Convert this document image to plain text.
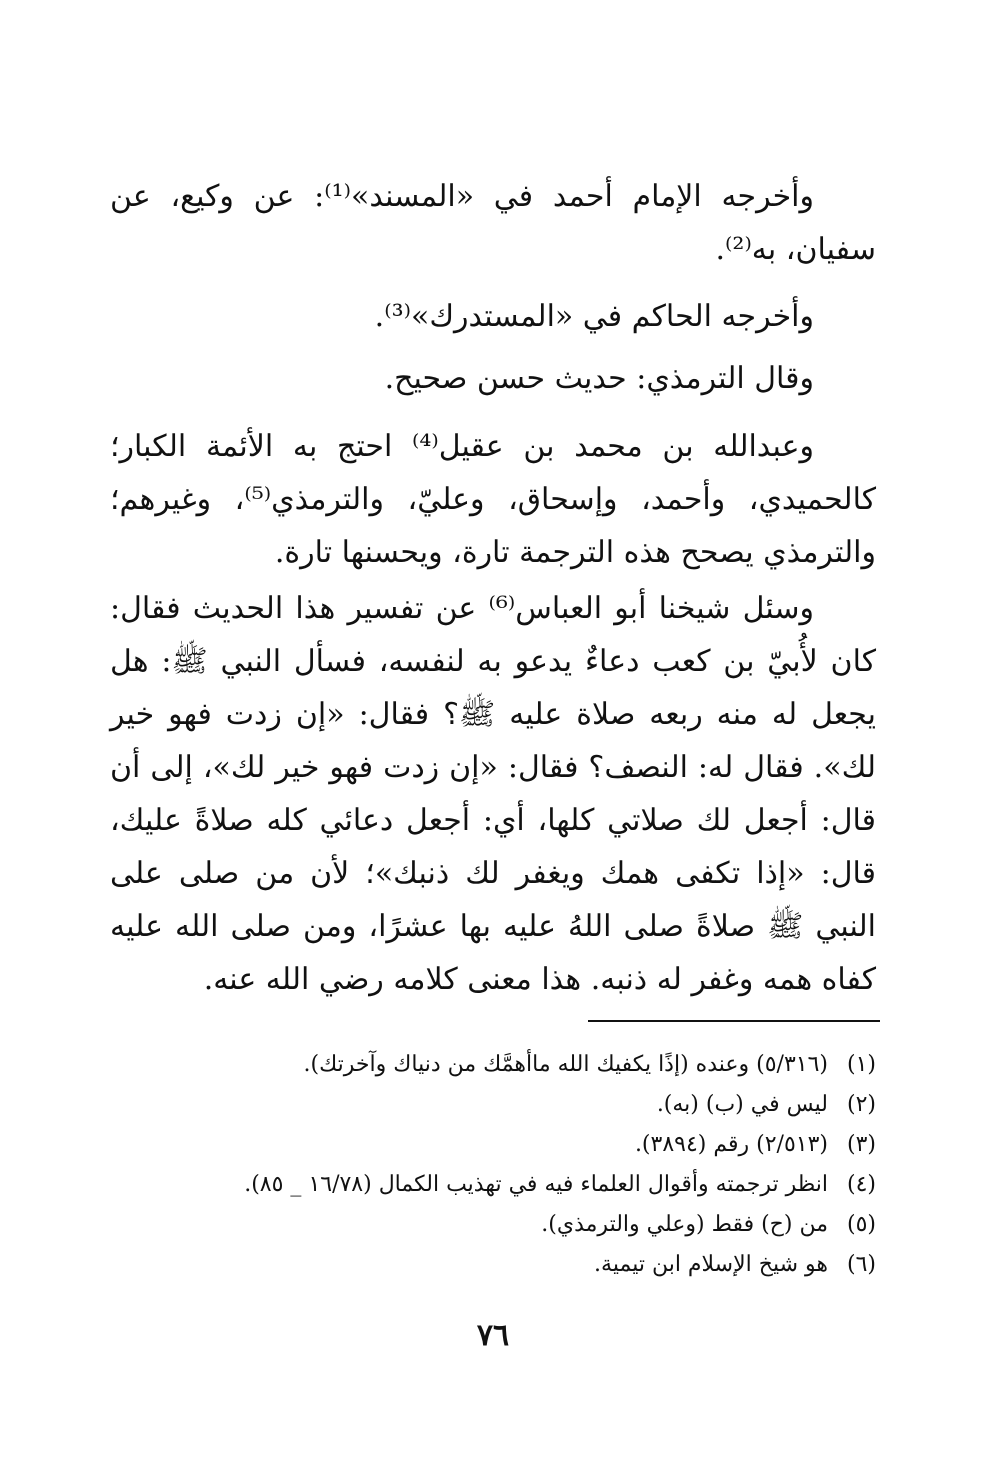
وأخرجه الإمام أحمد في «المسند»⁽¹⁾: عن وكيع، عن سفيان، به⁽²⁾.

وأخرجه الحاكم في «المستدرك»⁽³⁾.

وقال الترمذي: حديث حسن صحيح.

وعبدالله بن محمد بن عقيل⁽⁴⁾ احتج به الأئمة الكبار؛ كالحميدي، وأحمد، وإسحاق، وعليّ، والترمذي⁽⁵⁾، وغيرهم؛ والترمذي يصحح هذه الترجمة تارة، ويحسنها تارة.

وسئل شيخنا أبو العباس⁽⁶⁾ عن تفسير هذا الحديث فقال: كان لأُبيّ بن كعب دعاءٌ يدعو به لنفسه، فسأل النبي ﷺ: هل يجعل له منه ربعه صلاة عليه ﷺ؟ فقال: «إن زدت فهو خير لك». فقال له: النصف؟ فقال: «إن زدت فهو خير لك»، إلى أن قال: أجعل لك صلاتي كلها، أي: أجعل دعائي كله صلاةً عليك، قال: «إذا تكفى همك ويغفر لك ذنبك»؛ لأن من صلى على النبي ﷺ صلاةً صلى اللهُ عليه بها عشرًا، ومن صلى الله عليه كفاه همه وغفر له ذنبه. هذا معنى كلامه رضي الله عنه.

(١)
(٥/٣١٦) وعنده (إذًا يكفيك الله ماأهمَّك من دنياك وآخرتك).
(٢)
ليس في (ب) (به).
(٣)
(٢/٥١٣) رقم (٣٨٩٤).
(٤)
انظر ترجمته وأقوال العلماء فيه في تهذيب الكمال (١٦/٧٨ _ ٨٥).
(٥)
من (ح) فقط (وعلي والترمذي).
(٦)
هو شيخ الإسلام ابن تيمية.
٧٦
